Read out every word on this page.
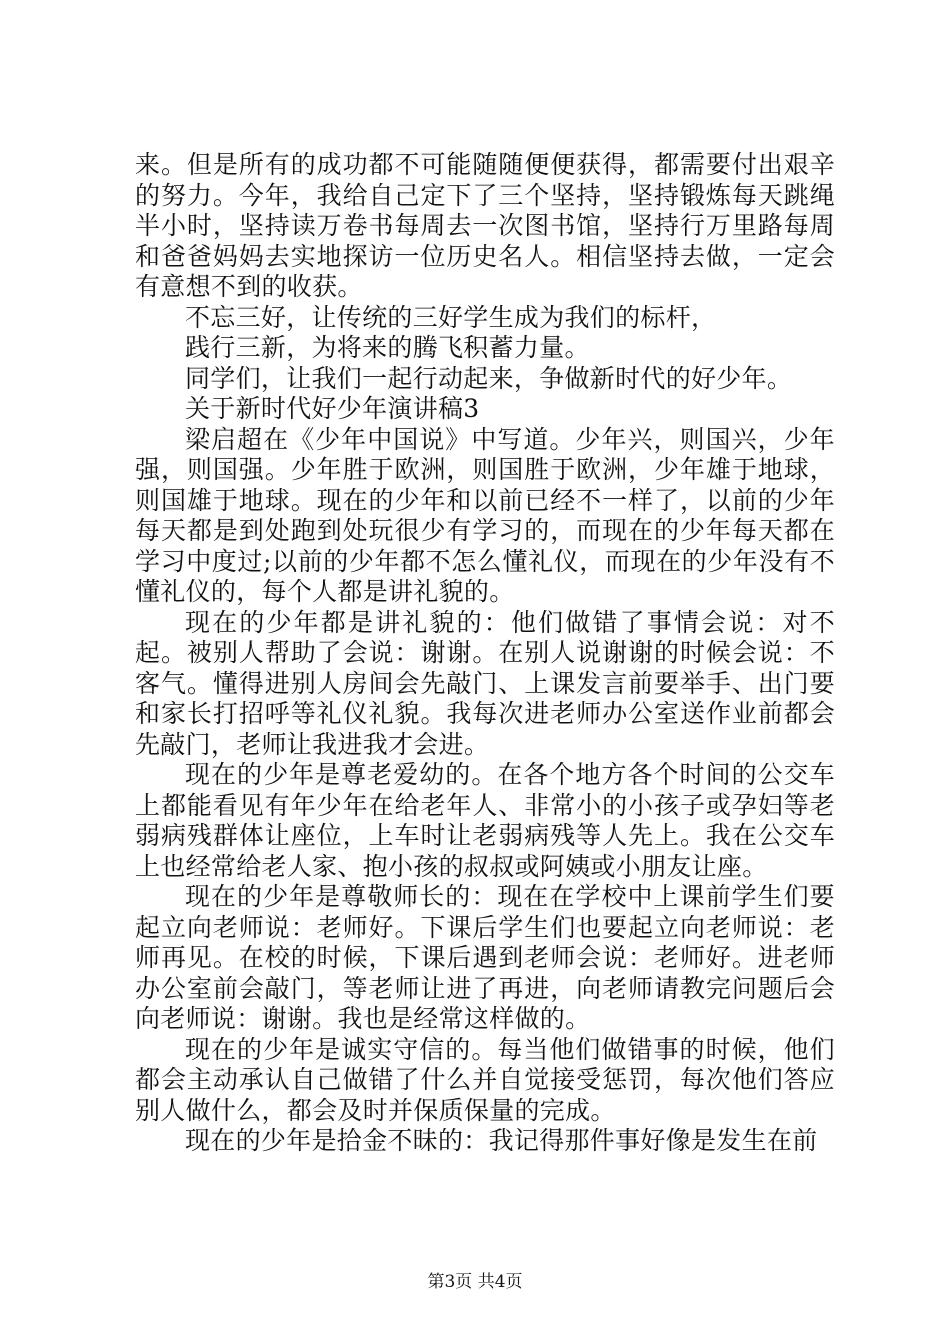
来。但是所有的成功都不可能随随便便获得，都需要付出艰辛的努力。今年，我给自己定下了三个坚持，坚持锻炼每天跳绳半小时，坚持读万卷书每周去一次图书馆，坚持行万里路每周和爸爸妈妈去实地探访一位历史名人。相信坚持去做，一定会有意想不到的收获。

不忘三好，让传统的三好学生成为我们的标杆，

践行三新，为将来的腾飞积蓄力量。

同学们，让我们一起行动起来，争做新时代的好少年。

关于新时代好少年演讲稿3

梁启超在《少年中国说》中写道。少年兴，则国兴，少年强，则国强。少年胜于欧洲，则国胜于欧洲，少年雄于地球，则国雄于地球。现在的少年和以前已经不一样了，以前的少年每天都是到处跑到处玩很少有学习的，而现在的少年每天都在学习中度过;以前的少年都不怎么懂礼仪，而现在的少年没有不懂礼仪的，每个人都是讲礼貌的。

现在的少年都是讲礼貌的：他们做错了事情会说：对不起。被别人帮助了会说：谢谢。在别人说谢谢的时候会说：不客气。懂得进别人房间会先敲门、上课发言前要举手、出门要和家长打招呼等礼仪礼貌。我每次进老师办公室送作业前都会先敲门，老师让我进我才会进。

现在的少年是尊老爱幼的。在各个地方各个时间的公交车上都能看见有年少年在给老年人、非常小的小孩子或孕妇等老弱病残群体让座位，上车时让老弱病残等人先上。我在公交车上也经常给老人家、抱小孩的叔叔或阿姨或小朋友让座。

现在的少年是尊敬师长的：现在在学校中上课前学生们要起立向老师说：老师好。下课后学生们也要起立向老师说：老师再见。在校的时候，下课后遇到老师会说：老师好。进老师办公室前会敲门，等老师让进了再进，向老师请教完问题后会向老师说：谢谢。我也是经常这样做的。

现在的少年是诚实守信的。每当他们做错事的时候，他们都会主动承认自己做错了什么并自觉接受惩罚，每次他们答应别人做什么，都会及时并保质保量的完成。

现在的少年是拾金不昧的：我记得那件事好像是发生在前

第3页 共4页
